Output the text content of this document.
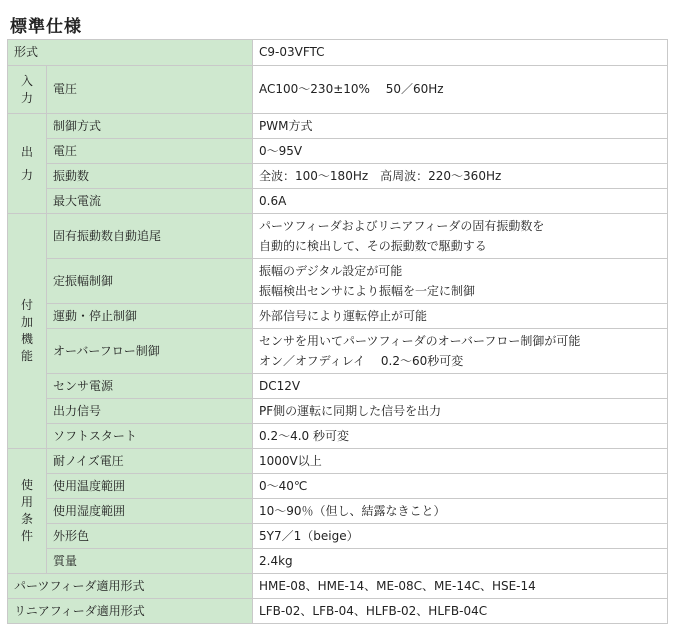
標準仕様
形式		C9-03VFTC

入
力	電圧	AC100〜230±10%　 50／60Hz

出
力	制御方式	PWM方式
	電圧	0〜95V
	振動数	全波：100〜180Hz　高周波：220〜360Hz
	最大電流	0.6A

付
加
機
能	固有振動数自動追尾	パーツフィーダおよびリニアフィーダの固有振動数を
自動的に検出して、その振動数で駆動する

	定振幅制御	振幅のデジタル設定が可能
振幅検出センサにより振幅を一定に制御

	運動・停止制御	外部信号により運転停止が可能
	オーバーフロー制御	センサを用いてパーツフィーダのオーバーフロー制御が可能
オン／オフディレイ　 0.2〜60秒可変

	センサ電源	DC12V
	出力信号	PF側の運転に同期した信号を出力
	ソフトスタート	0.2〜4.0 秒可変

使
用
条
件	耐ノイズ電圧	1000V以上
	使用温度範囲	0〜40℃
	使用湿度範囲	10〜90％（但し、結露なきこと）
	外形色	5Y7／1（beige）
	質量	2.4kg
パーツフィーダ適用形式		HME-08、HME-14、ME-08C、ME-14C、HSE-14
リニアフィーダ適用形式		LFB-02、LFB-04、HLFB-02、HLFB-04C
